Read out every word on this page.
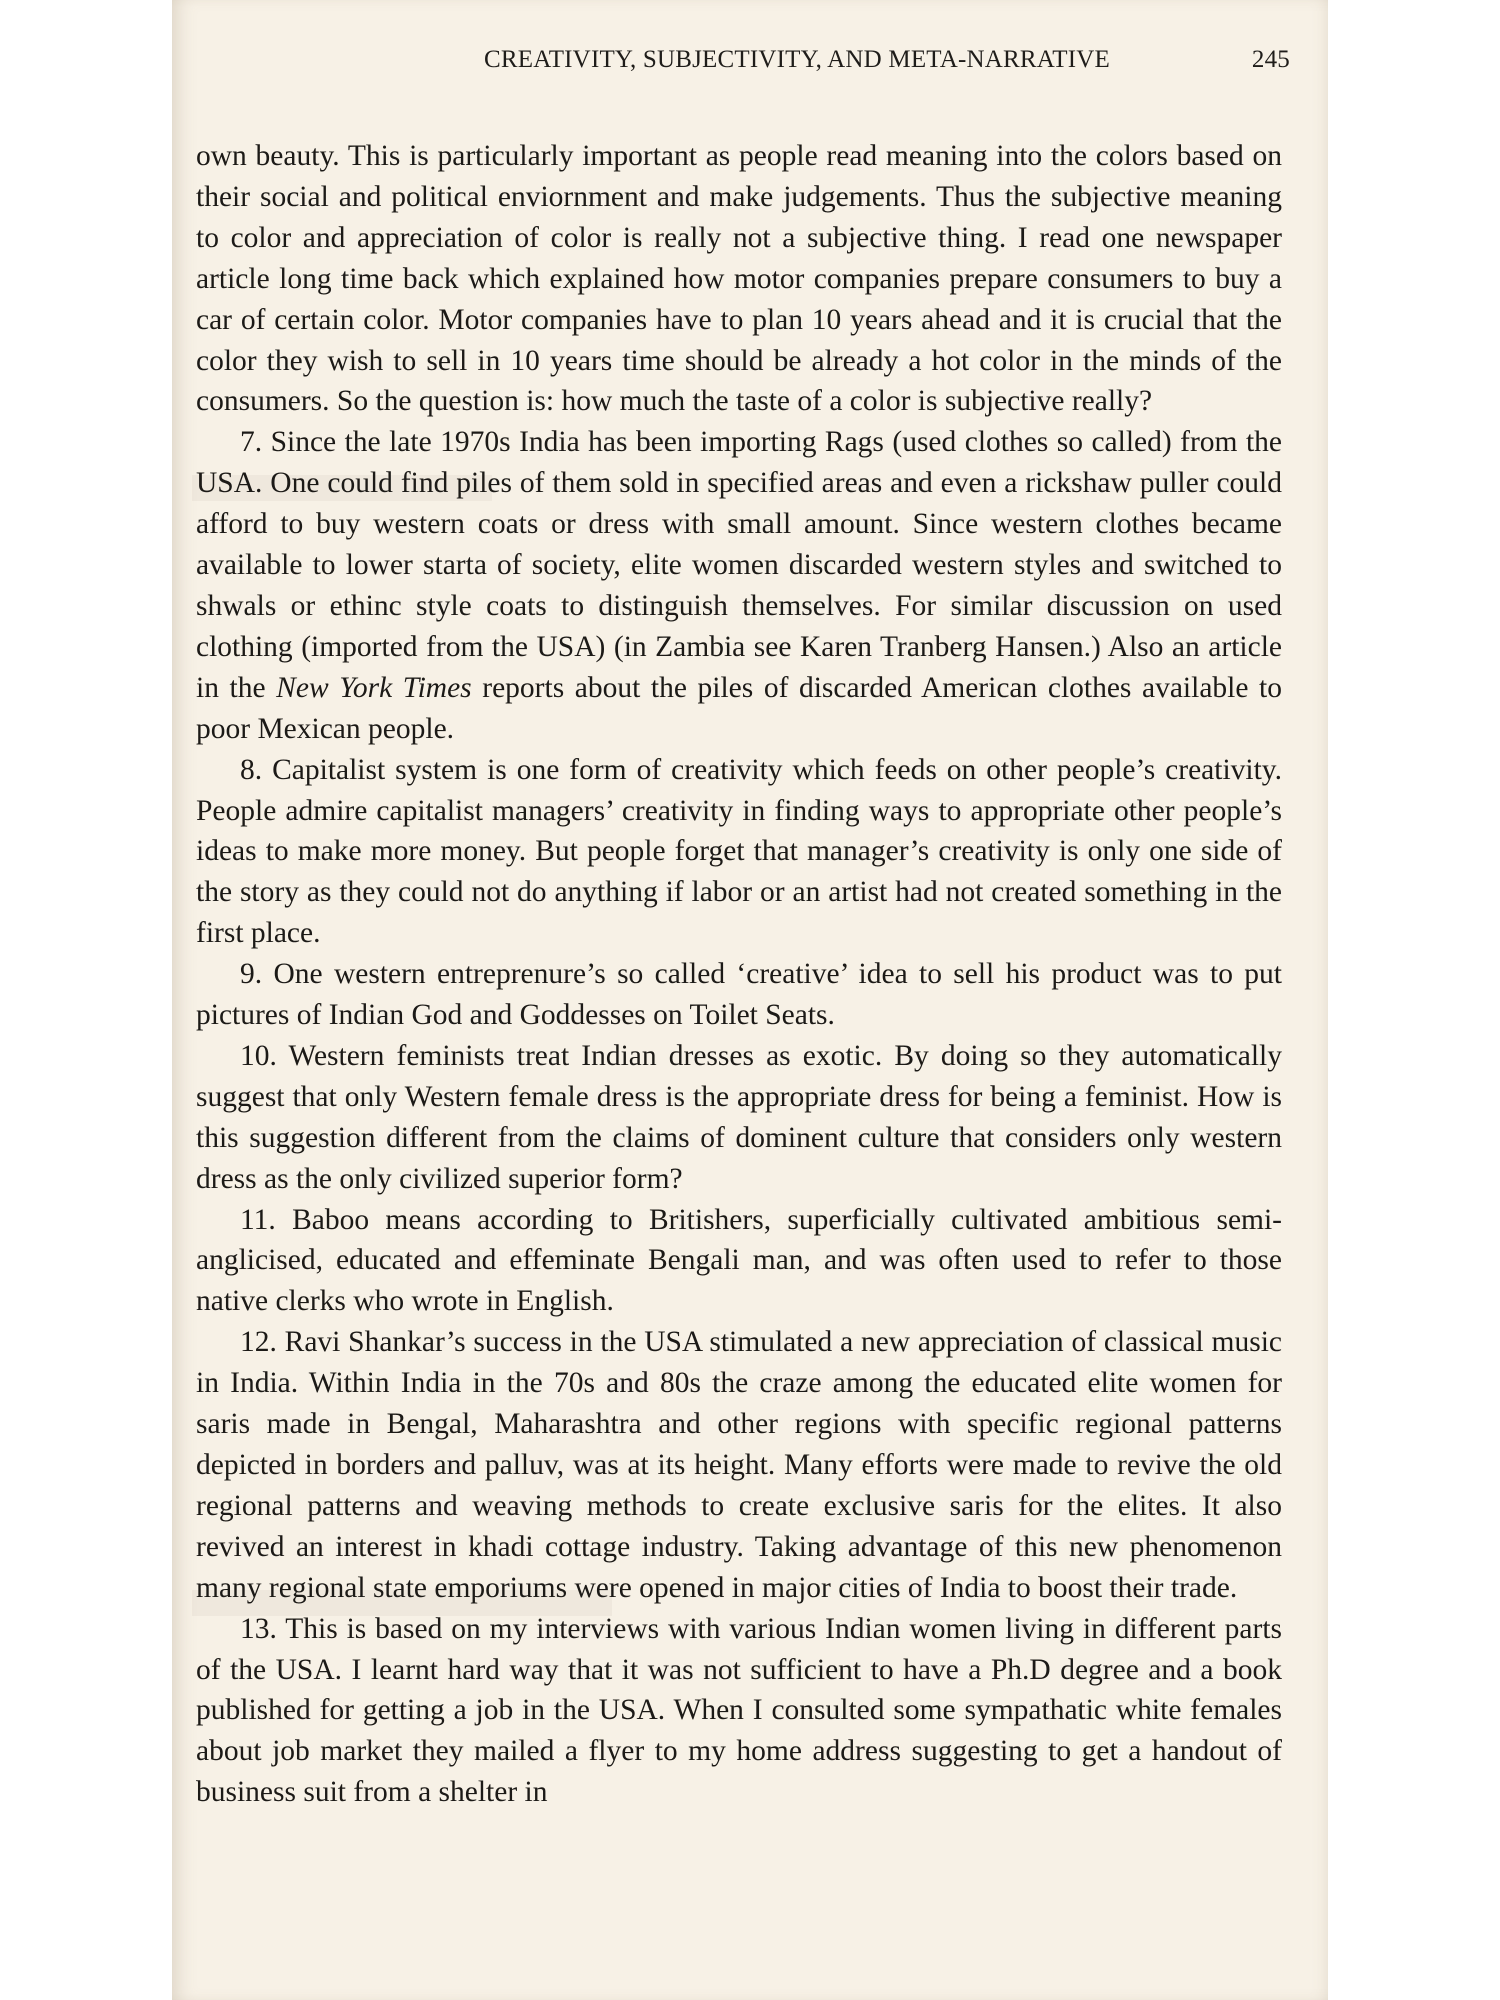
CREATIVITY, SUBJECTIVITY, AND META-NARRATIVE	245

own beauty. This is particularly important as people read meaning into the colors based on their social and political enviornment and make judgements. Thus the subjective meaning to color and appreciation of color is really not a subjective thing. I read one newspaper article long time back which explained how motor companies prepare consumers to buy a car of certain color. Motor companies have to plan 10 years ahead and it is crucial that the color they wish to sell in 10 years time should be already a hot color in the minds of the consumers. So the question is: how much the taste of a color is subjective really?

7. Since the late 1970s India has been importing Rags (used clothes so called) from the USA. One could find piles of them sold in specified areas and even a rickshaw puller could afford to buy western coats or dress with small amount. Since western clothes became available to lower starta of society, elite women discarded western styles and switched to shwals or ethinc style coats to distinguish themselves. For similar discussion on used clothing (imported from the USA) (in Zambia see Karen Tranberg Hansen.) Also an article in the New York Times reports about the piles of discarded American clothes available to poor Mexican people.

8. Capitalist system is one form of creativity which feeds on other people’s creativity. People admire capitalist managers’ creativity in finding ways to appropriate other people’s ideas to make more money. But people forget that manager’s creativity is only one side of the story as they could not do anything if labor or an artist had not created something in the first place.

9. One western entreprenure’s so called ‘creative’ idea to sell his product was to put pictures of Indian God and Goddesses on Toilet Seats.

10. Western feminists treat Indian dresses as exotic. By doing so they automatically suggest that only Western female dress is the appropriate dress for being a feminist. How is this suggestion different from the claims of dominent culture that considers only western dress as the only civilized superior form?

11. Baboo means according to Britishers, superficially cultivated ambitious semi-anglicised, educated and effeminate Bengali man, and was often used to refer to those native clerks who wrote in English.

12. Ravi Shankar’s success in the USA stimulated a new appreciation of classical music in India. Within India in the 70s and 80s the craze among the educated elite women for saris made in Bengal, Maharashtra and other regions with specific regional patterns depicted in borders and palluv, was at its height. Many efforts were made to revive the old regional patterns and weaving methods to create exclusive saris for the elites. It also revived an interest in khadi cottage industry. Taking advantage of this new phenomenon many regional state emporiums were opened in major cities of India to boost their trade.

13. This is based on my interviews with various Indian women living in different parts of the USA. I learnt hard way that it was not sufficient to have a Ph.D degree and a book published for getting a job in the USA. When I consulted some sympathatic white females about job market they mailed a flyer to my home address suggesting to get a handout of business suit from a shelter in
